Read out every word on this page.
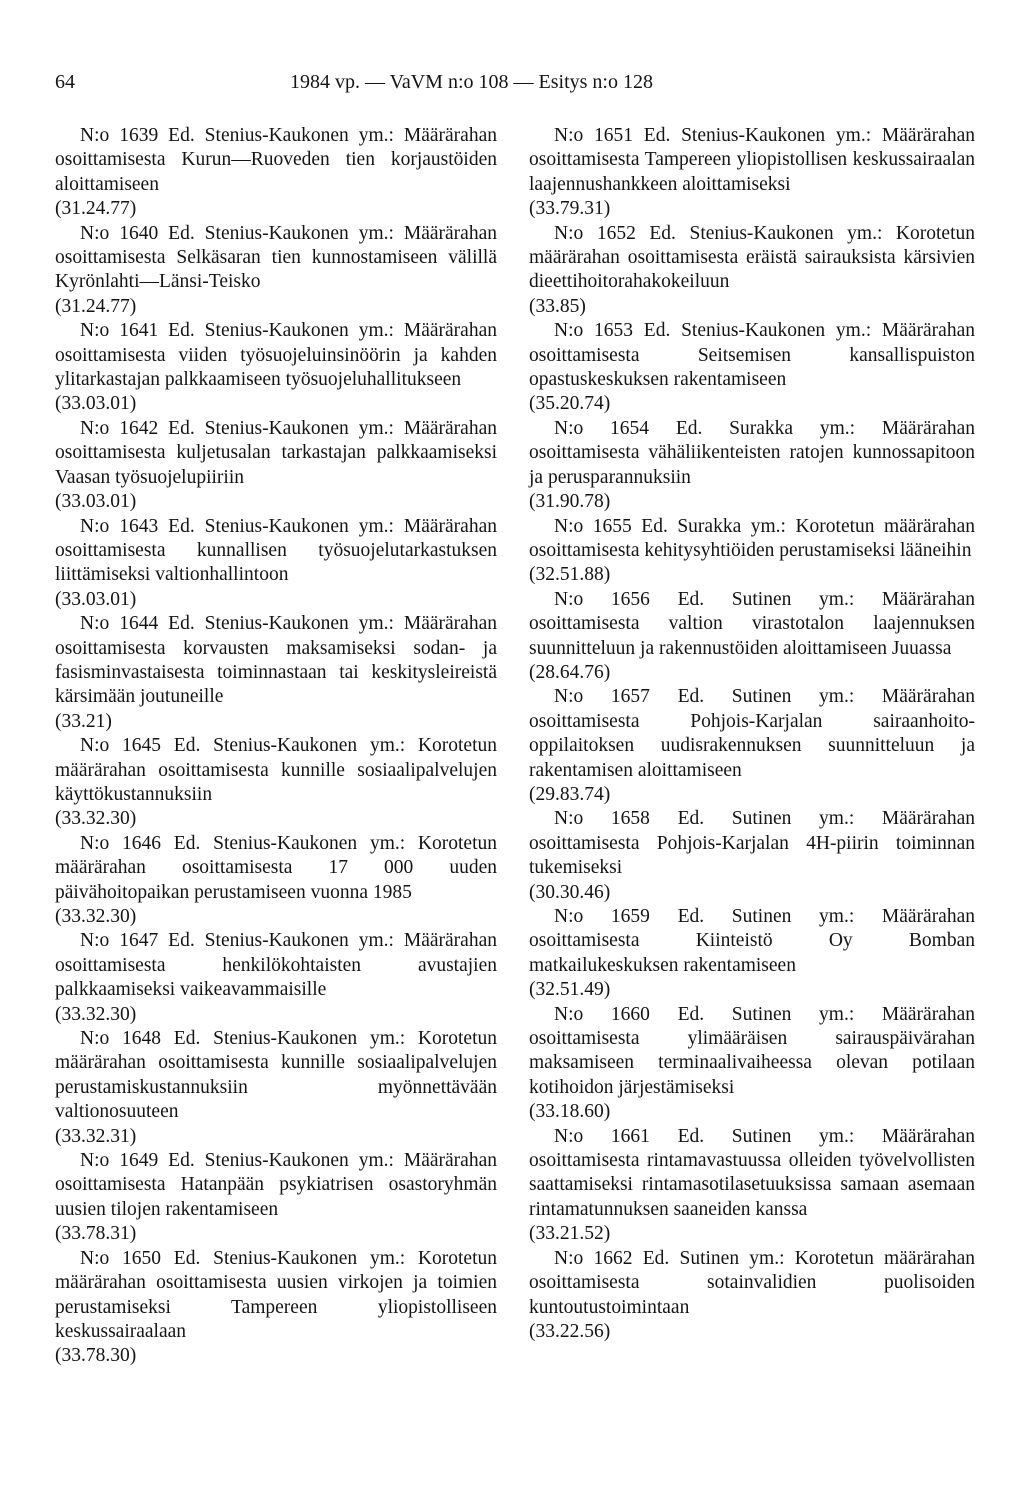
64	1984 vp. — VaVM n:o 108 — Esitys n:o 128

N:o 1639 Ed. Stenius-Kaukonen ym.: Määrärahan osoittamisesta Kurun—Ruoveden tien korjaustöiden aloittamiseen
(31.24.77)

N:o 1640 Ed. Stenius-Kaukonen ym.: Määrärahan osoittamisesta Selkäsaran tien kunnostamiseen välillä Kyrönlahti—Länsi-Teisko
(31.24.77)

N:o 1641 Ed. Stenius-Kaukonen ym.: Määrärahan osoittamisesta viiden työsuojeluinsinöörin ja kahden ylitarkastajan palkkaamiseen työsuojeluhallitukseen
(33.03.01)

N:o 1642 Ed. Stenius-Kaukonen ym.: Määrärahan osoittamisesta kuljetusalan tarkastajan palkkaamiseksi Vaasan työsuojelupiiriin
(33.03.01)

N:o 1643 Ed. Stenius-Kaukonen ym.: Määrärahan osoittamisesta kunnallisen työsuojelutarkastuksen liittämiseksi valtionhallintoon
(33.03.01)

N:o 1644 Ed. Stenius-Kaukonen ym.: Määrärahan osoittamisesta korvausten maksamiseksi sodan- ja fasisminvastaisesta toiminnastaan tai keskitysleireistä kärsimään joutuneille
(33.21)

N:o 1645 Ed. Stenius-Kaukonen ym.: Korotetun määrärahan osoittamisesta kunnille sosiaalipalvelujen käyttökustannuksiin
(33.32.30)

N:o 1646 Ed. Stenius-Kaukonen ym.: Korotetun määrärahan osoittamisesta 17 000 uuden päivähoitopaikan perustamiseen vuonna 1985
(33.32.30)

N:o 1647 Ed. Stenius-Kaukonen ym.: Määrärahan osoittamisesta henkilökohtaisten avustajien palkkaamiseksi vaikeavammaisille
(33.32.30)

N:o 1648 Ed. Stenius-Kaukonen ym.: Korotetun määrärahan osoittamisesta kunnille sosiaalipalvelujen perustamiskustannuksiin myönnettävään valtionosuuteen
(33.32.31)

N:o 1649 Ed. Stenius-Kaukonen ym.: Määrärahan osoittamisesta Hatanpään psykiatrisen osastoryhmän uusien tilojen rakentamiseen
(33.78.31)

N:o 1650 Ed. Stenius-Kaukonen ym.: Korotetun määrärahan osoittamisesta uusien virkojen ja toimien perustamiseksi Tampereen yliopistolliseen keskussairaalaan
(33.78.30)

N:o 1651 Ed. Stenius-Kaukonen ym.: Määrärahan osoittamisesta Tampereen yliopistollisen keskussairaalan laajennushankkeen aloittamiseksi
(33.79.31)

N:o 1652 Ed. Stenius-Kaukonen ym.: Korotetun määrärahan osoittamisesta eräistä sairauksista kärsivien dieettihoitorahakokeiluun
(33.85)

N:o 1653 Ed. Stenius-Kaukonen ym.: Määrärahan osoittamisesta Seitsemisen kansallispuiston opastuskeskuksen rakentamiseen
(35.20.74)

N:o 1654 Ed. Surakka ym.: Määrärahan osoittamisesta vähäliikenteisten ratojen kunnossapitoon ja perusparannuksiin
(31.90.78)

N:o 1655 Ed. Surakka ym.: Korotetun määrärahan osoittamisesta kehitysyhtiöiden perustamiseksi lääneihin
(32.51.88)

N:o 1656 Ed. Sutinen ym.: Määrärahan osoittamisesta valtion virastotalon laajennuksen suunnitteluun ja rakennustöiden aloittamiseen Juuassa
(28.64.76)

N:o 1657 Ed. Sutinen ym.: Määrärahan osoittamisesta Pohjois-Karjalan sairaanhoito-oppilaitoksen uudisrakennuksen suunnitteluun ja rakentamisen aloittamiseen
(29.83.74)

N:o 1658 Ed. Sutinen ym.: Määrärahan osoittamisesta Pohjois-Karjalan 4H-piirin toiminnan tukemiseksi
(30.30.46)

N:o 1659 Ed. Sutinen ym.: Määrärahan osoittamisesta Kiinteistö Oy Bomban matkailukeskuksen rakentamiseen
(32.51.49)

N:o 1660 Ed. Sutinen ym.: Määrärahan osoittamisesta ylimääräisen sairauspäivärahan maksamiseen terminaalivaiheessa olevan potilaan kotihoidon järjestämiseksi
(33.18.60)

N:o 1661 Ed. Sutinen ym.: Määrärahan osoittamisesta rintamavastuussa olleiden työvelvollisten saattamiseksi rintamasotilasetuuksissa samaan asemaan rintamatunnuksen saaneiden kanssa
(33.21.52)

N:o 1662 Ed. Sutinen ym.: Korotetun määrärahan osoittamisesta sotainvalidien puolisoiden kuntoutustoimintaan
(33.22.56)
